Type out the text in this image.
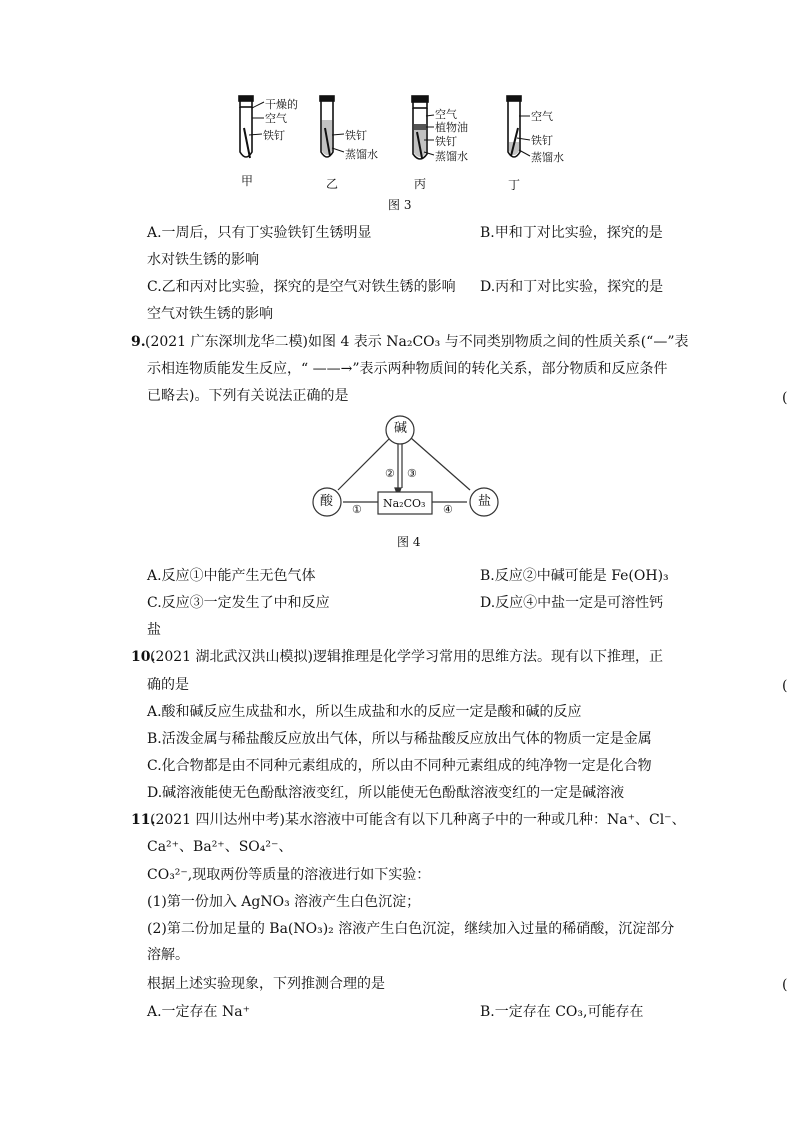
干燥的
空气
铁钉	铁钉
蒸馏水
空气
植物油
铁钉
蒸馏水
空气
铁钉
蒸馏水
甲	乙	丙	丁
图 3
A.一周后，只有丁实验铁钉生锈明显	B.甲和丁对比实验，探究的是
水对铁生锈的影响
C.乙和丙对比实验，探究的是空气对铁生锈的影响 D.丙和丁对比实验，探究的是
空气对铁生锈的影响
9. (2021 广东深圳龙华二模)如图 4 表示 Na₂CO₃ 与不同类别物质之间的性质关系(“—”表
示相连物质能发生反应，“ ——→”表示两种物质间的转化关系，部分物质和反应条件
已略去)。下列有关说法正确的是	(
碱
酸	盐
Na₂CO₃
①
② ③
④
图 4
A.反应①中能产生无色气体	B.反应②中碱可能是 Fe(OH)₃
C.反应③一定发生了中和反应	D.反应④中盐一定是可溶性钙
盐
10.
(2021 湖北武汉洪山模拟)逻辑推理是化学学习常用的思维方法。现有以下推理，正
确的是	(
A.酸和碱反应生成盐和水，所以生成盐和水的反应一定是酸和碱的反应
B.活泼金属与稀盐酸反应放出气体，所以与稀盐酸反应放出气体的物质一定是金属
C.化合物都是由不同种元素组成的，所以由不同种元素组成的纯净物一定是化合物
D.碱溶液能使无色酚酞溶液变红，所以能使无色酚酞溶液变红的一定是碱溶液
11.
(2021 四川达州中考)某水溶液中可能含有以下几种离子中的一种或几种：Na⁺、Cl⁻、
Ca²⁺、Ba²⁺、SO₄²⁻、
CO₃²⁻,现取两份等质量的溶液进行如下实验：
(1)第一份加入 AgNO₃ 溶液产生白色沉淀；
(2)第二份加足量的 Ba(NO₃)₂ 溶液产生白色沉淀，继续加入过量的稀硝酸，沉淀部分
溶解。
根据上述实验现象，下列推测合理的是	(
A.一定存在 Na⁺	B.一定存在 CO₃,可能存在
